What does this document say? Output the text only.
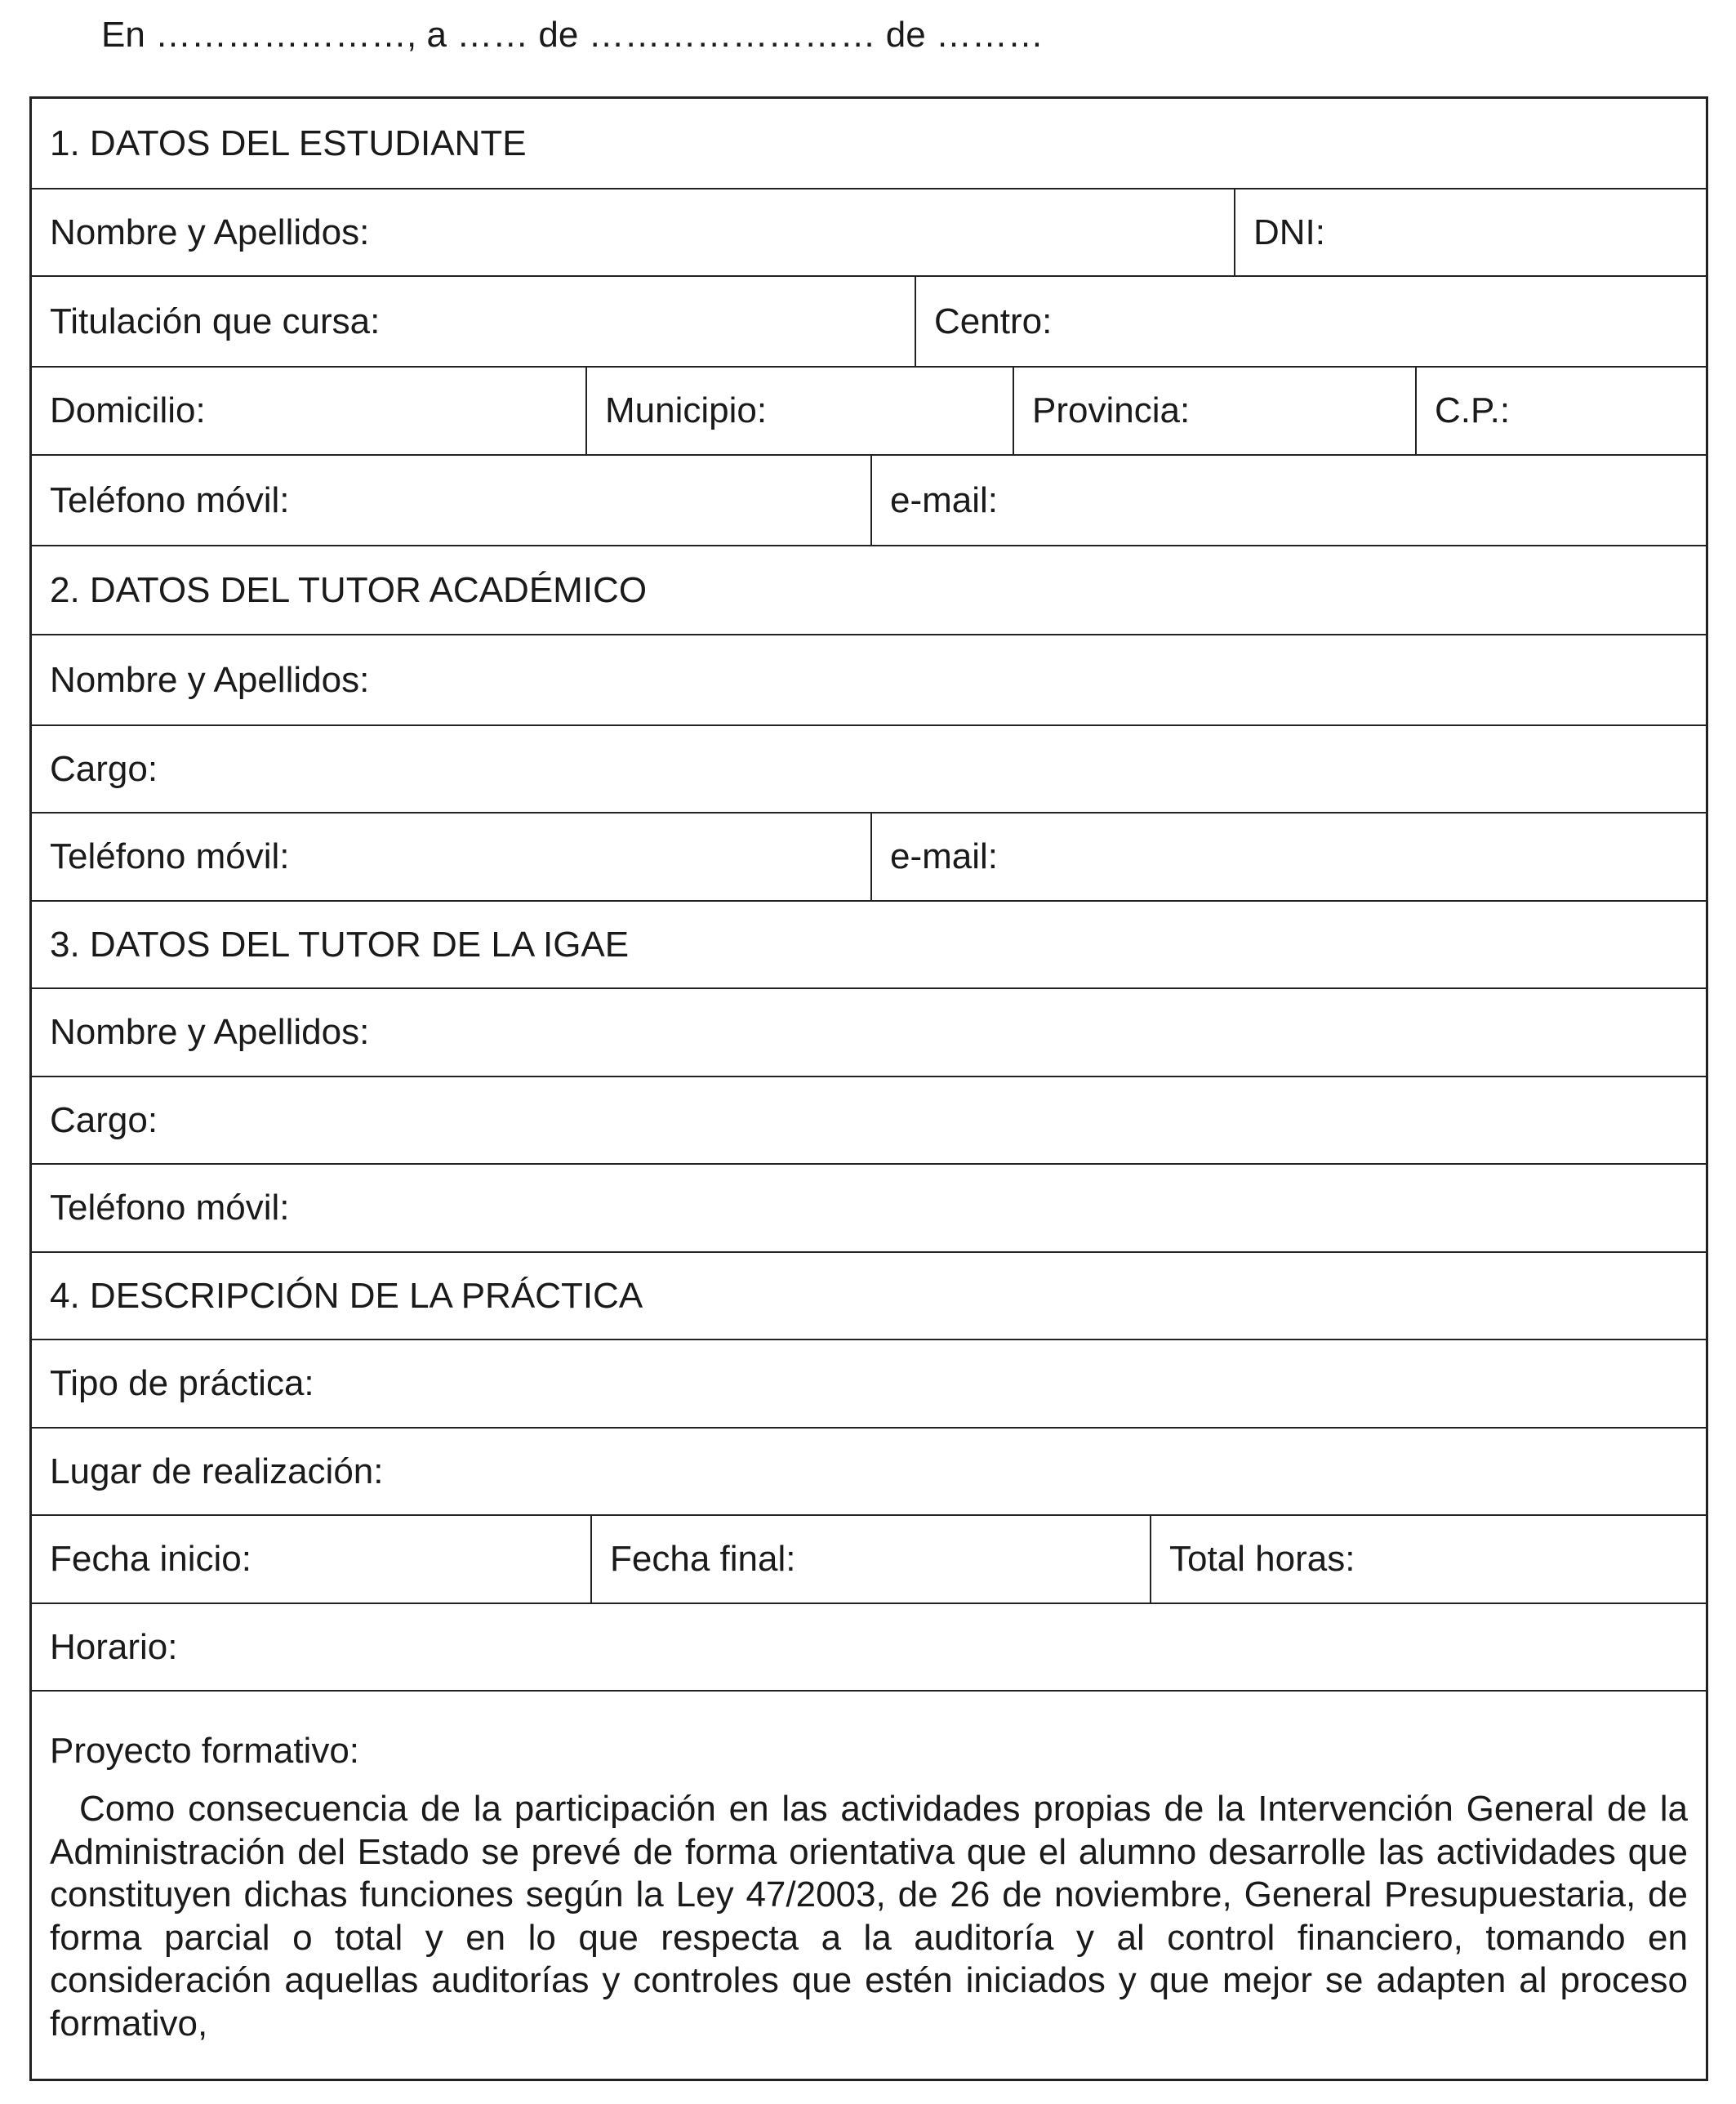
En …………………, a …… de …………………… de ………
1. DATOS DEL ESTUDIANTE
Nombre y Apellidos:	DNI:
Titulación que cursa:	Centro:
Domicilio:	Municipio:	Provincia:	C.P.:
Teléfono móvil:	e-mail:
2. DATOS DEL TUTOR ACADÉMICO
Nombre y Apellidos:
Cargo:
Teléfono móvil:	e-mail:
3. DATOS DEL TUTOR DE LA IGAE
Nombre y Apellidos:
Cargo:
Teléfono móvil:
4. DESCRIPCIÓN DE LA PRÁCTICA
Tipo de práctica:
Lugar de realización:
Fecha inicio:	Fecha final:	Total horas:
Horario:
Proyecto formativo:
Como consecuencia de la participación en las actividades propias de la Intervención General de la Administración del Estado se prevé de forma orientativa que el alumno desarrolle las actividades que constituyen dichas funciones según la Ley 47/2003, de 26 de noviembre, General Presupuestaria, de forma parcial o total y en lo que respecta a la auditoría y al control financiero, tomando en consideración aquellas auditorías y controles que estén iniciados y que mejor se adapten al proceso formativo,
